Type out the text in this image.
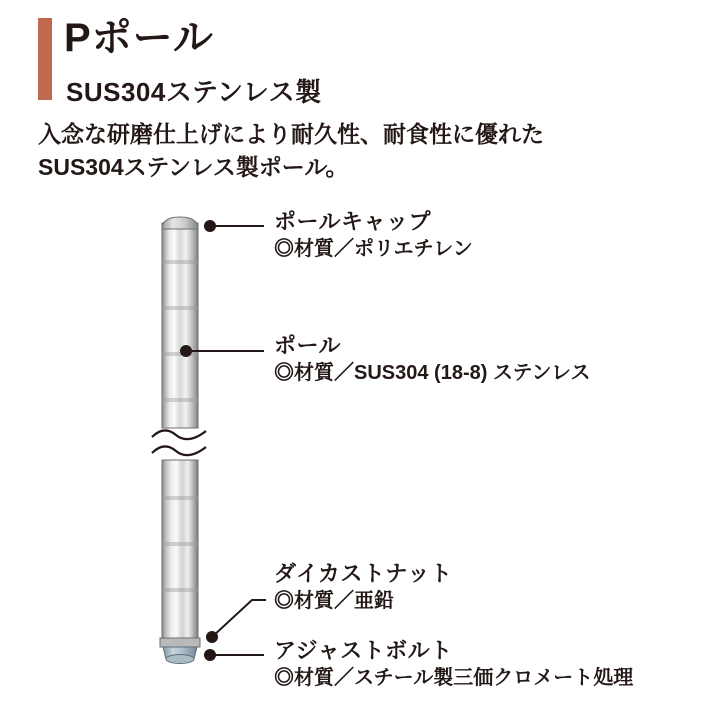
Pポール
SUS304ステンレス製
入念な研磨仕上げにより耐久性、耐食性に優れた
SUS304ステンレス製ポール。
ポールキャップ
◎材質／ポリエチレン
ポール
◎材質／SUS304 (18-8) ステンレス
ダイカストナット
◎材質／亜鉛
アジャストボルト
◎材質／スチール製三価クロメート処理
